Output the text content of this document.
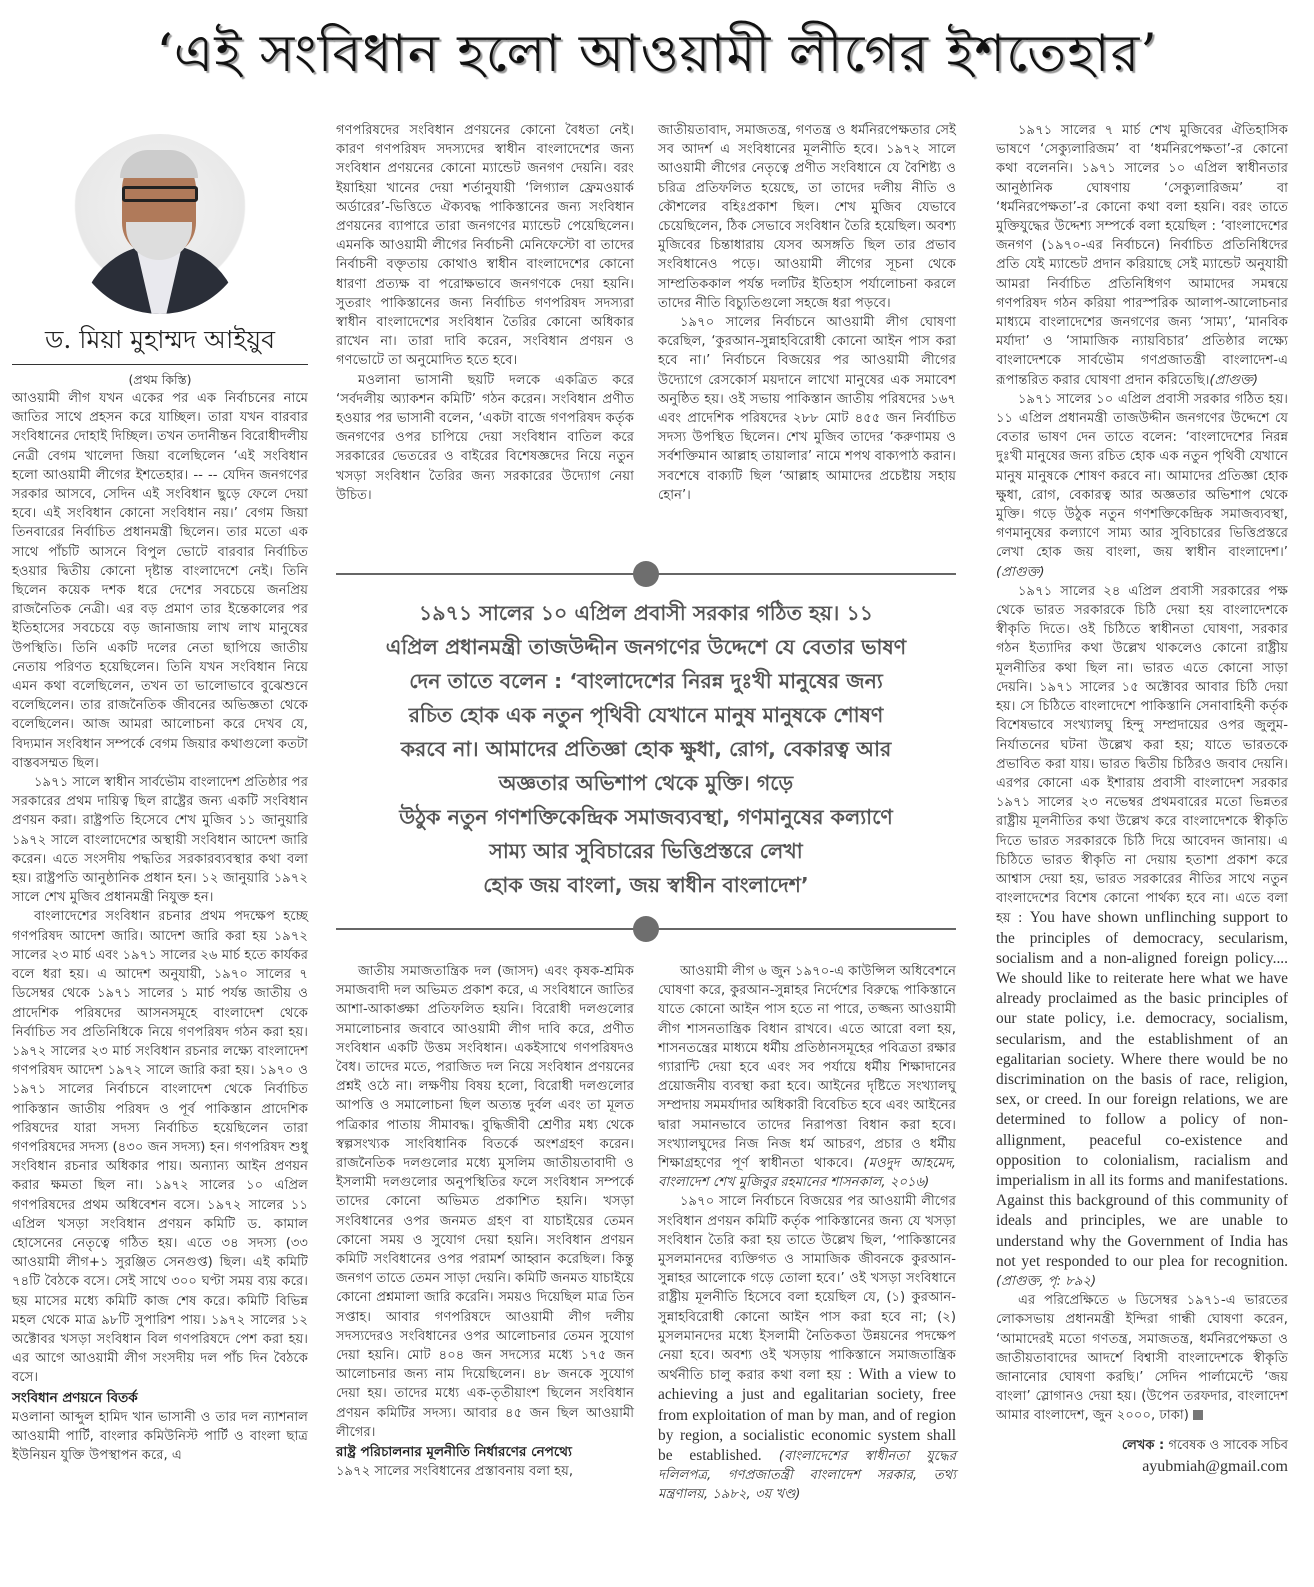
‘এই সংবিধান হলো আওয়ামী লীগের ইশতেহার’
ড. মিয়া মুহাম্মদ আইয়ুব
(প্রথম কিস্তি)

আওয়ামী লীগ যখন একের পর এক নির্বাচনের নামে জাতির সাথে প্রহসন করে যাচ্ছিল। তারা যখন বারবার সংবিধানের দোহাই দিচ্ছিল। তখন তদানীন্তন বিরোধীদলীয় নেত্রী বেগম খালেদা জিয়া বলেছিলেন ‘এই সংবিধান হলো আওয়ামী লীগের ইশতেহার। -- -- যেদিন জনগণের সরকার আসবে, সেদিন এই সংবিধান ছুড়ে ফেলে দেয়া হবে। এই সংবিধান কোনো সংবিধান নয়।’ বেগম জিয়া তিনবারের নির্বাচিত প্রধানমন্ত্রী ছিলেন। তার মতো এক সাথে পাঁচটি আসনে বিপুল ভোটে বারবার নির্বাচিত হওয়ার দ্বিতীয় কোনো দৃষ্টান্ত বাংলাদেশে নেই। তিনি ছিলেন কয়েক দশক ধরে দেশের সবচেয়ে জনপ্রিয় রাজনৈতিক নেত্রী। এর বড় প্রমাণ তার ইন্তেকালের পর ইতিহাসের সবচেয়ে বড় জানাজায় লাখ লাখ মানুষের উপস্থিতি। তিনি একটি দলের নেতা ছাপিয়ে জাতীয় নেতায় পরিণত হয়েছিলেন। তিনি যখন সংবিধান নিয়ে এমন কথা বলেছিলেন, তখন তা ভালোভাবে বুঝেশুনে বলেছিলেন। তার রাজনৈতিক জীবনের অভিজ্ঞতা থেকে বলেছিলেন। আজ আমরা আলোচনা করে দেখব যে, বিদ্যমান সংবিধান সম্পর্কে বেগম জিয়ার কথাগুলো কতটা বাস্তবসম্মত ছিল।

১৯৭১ সালে স্বাধীন সার্বভৌম বাংলাদেশ প্রতিষ্ঠার পর সরকারের প্রথম দায়িত্ব ছিল রাষ্ট্রের জন্য একটি সংবিধান প্রণয়ন করা। রাষ্ট্রপতি হিসেবে শেখ মুজিব ১১ জানুয়ারি ১৯৭২ সালে বাংলাদেশের অস্থায়ী সংবিধান আদেশ জারি করেন। এতে সংসদীয় পদ্ধতির সরকারব্যবস্থার কথা বলা হয়। রাষ্ট্রপতি আনুষ্ঠানিক প্রধান হন। ১২ জানুয়ারি ১৯৭২ সালে শেখ মুজিব প্রধানমন্ত্রী নিযুক্ত হন।

বাংলাদেশের সংবিধান রচনার প্রথম পদক্ষেপ হচ্ছে গণপরিষদ আদেশ জারি। আদেশ জারি করা হয় ১৯৭২ সালের ২৩ মার্চ এবং ১৯৭১ সালের ২৬ মার্চ হতে কার্যকর বলে ধরা হয়। এ আদেশ অনুযায়ী, ১৯৭০ সালের ৭ ডিসেম্বর থেকে ১৯৭১ সালের ১ মার্চ পর্যন্ত জাতীয় ও প্রাদেশিক পরিষদের আসনসমূহে বাংলাদেশ থেকে নির্বাচিত সব প্রতিনিধিকে নিয়ে গণপরিষদ গঠন করা হয়। ১৯৭২ সালের ২৩ মার্চ সংবিধান রচনার লক্ষ্যে বাংলাদেশ গণপরিষদ আদেশ ১৯৭২ সালে জারি করা হয়। ১৯৭০ ও ১৯৭১ সালের নির্বাচনে বাংলাদেশ থেকে নির্বাচিত পাকিস্তান জাতীয় পরিষদ ও পূর্ব পাকিস্তান প্রাদেশিক পরিষদের যারা সদস্য নির্বাচিত হয়েছিলেন তারা গণপরিষদের সদস্য (৪৩০ জন সদস্য) হন। গণপরিষদ শুধু সংবিধান রচনার অধিকার পায়। অন্যান্য আইন প্রণয়ন করার ক্ষমতা ছিল না। ১৯৭২ সালের ১০ এপ্রিল গণপরিষদের প্রথম অধিবেশন বসে। ১৯৭২ সালের ১১ এপ্রিল খসড়া সংবিধান প্রণয়ন কমিটি ড. কামাল হোসেনের নেতৃত্বে গঠিত হয়। এতে ৩৪ সদস্য (৩৩ আওয়ামী লীগ+১ সুরঞ্জিত সেনগুপ্ত) ছিল। এই কমিটি ৭৪টি বৈঠকে বসে। সেই সাথে ৩০০ ঘণ্টা সময় ব্যয় করে। ছয় মাসের মধ্যে কমিটি কাজ শেষ করে। কমিটি বিভিন্ন মহল থেকে মাত্র ৯৮টি সুপারিশ পায়। ১৯৭২ সালের ১২ অক্টোবর খসড়া সংবিধান বিল গণপরিষদে পেশ করা হয়। এর আগে আওয়ামী লীগ সংসদীয় দল পাঁচ দিন বৈঠকে বসে।

সংবিধান প্রণয়নে বিতর্ক

মওলানা আব্দুল হামিদ খান ভাসানী ও তার দল ন্যাশনাল আওয়ামী পার্টি, বাংলার কমিউনিস্ট পার্টি ও বাংলা ছাত্র ইউনিয়ন যুক্তি উপস্থাপন করে, এ

গণপরিষদের সংবিধান প্রণয়নের কোনো বৈধতা নেই। কারণ গণপরিষদ সদস্যদের স্বাধীন বাংলাদেশের জন্য সংবিধান প্রণয়নের কোনো ম্যান্ডেট জনগণ দেয়নি। বরং ইয়াহিয়া খানের দেয়া শর্তানুযায়ী ‘লিগ্যাল ফ্রেমওয়ার্ক অর্ডারের’-ভিত্তিতে ঐক্যবদ্ধ পাকিস্তানের জন্য সংবিধান প্রণয়নের ব্যাপারে তারা জনগণের ম্যান্ডেট পেয়েছিলেন। এমনকি আওয়ামী লীগের নির্বাচনী মেনিফেস্টো বা তাদের নির্বাচনী বক্তৃতায় কোথাও স্বাধীন বাংলাদেশের কোনো ধারণা প্রত্যক্ষ বা পরোক্ষভাবে জনগণকে দেয়া হয়নি। সুতরাং পাকিস্তানের জন্য নির্বাচিত গণপরিষদ সদস্যরা স্বাধীন বাংলাদেশের সংবিধান তৈরির কোনো অধিকার রাখেন না। তারা দাবি করেন, সংবিধান প্রণয়ন ও গণভোটে তা অনুমোদিত হতে হবে।

মওলানা ভাসানী ছয়টি দলকে একত্রিত করে ‘সর্বদলীয় অ্যাকশন কমিটি’ গঠন করেন। সংবিধান প্রণীত হওয়ার পর ভাসানী বলেন, ‘একটা বাজে গণপরিষদ কর্তৃক জনগণের ওপর চাপিয়ে দেয়া সংবিধান বাতিল করে সরকারের ভেতরের ও বাইরের বিশেষজ্ঞদের নিয়ে নতুন খসড়া সংবিধান তৈরির জন্য সরকারের উদ্যোগ নেয়া উচিত।

জাতীয়তাবাদ, সমাজতন্ত্র, গণতন্ত্র ও ধর্মনিরপেক্ষতার সেই সব আদর্শ এ সংবিধানের মূলনীতি হবে। ১৯৭২ সালে আওয়ামী লীগের নেতৃত্বে প্রণীত সংবিধানে যে বৈশিষ্ট্য ও চরিত্র প্রতিফলিত হয়েছে, তা তাদের দলীয় নীতি ও কৌশলের বহিঃপ্রকাশ ছিল। শেখ মুজিব যেভাবে চেয়েছিলেন, ঠিক সেভাবে সংবিধান তৈরি হয়েছিল। অবশ্য মুজিবের চিন্তাধারায় যেসব অসঙ্গতি ছিল তার প্রভাব সংবিধানেও পড়ে। আওয়ামী লীগের সূচনা থেকে সাম্প্রতিককাল পর্যন্ত দলটির ইতিহাস পর্যালোচনা করলে তাদের নীতি বিচ্যুতিগুলো সহজে ধরা পড়বে।

১৯৭০ সালের নির্বাচনে আওয়ামী লীগ ঘোষণা করেছিল, ‘কুরআন-সুন্নাহবিরোধী কোনো আইন পাস করা হবে না।’ নির্বাচনে বিজয়ের পর আওয়ামী লীগের উদ্যোগে রেসকোর্স ময়দানে লাখো মানুষের এক সমাবেশ অনুষ্ঠিত হয়। ওই সভায় পাকিস্তান জাতীয় পরিষদের ১৬৭ এবং প্রাদেশিক পরিষদের ২৮৮ মোট ৪৫৫ জন নির্বাচিত সদস্য উপস্থিত ছিলেন। শেখ মুজিব তাদের ‘করুণাময় ও সর্বশক্তিমান আল্লাহ তায়ালার’ নামে শপথ বাক্যপাঠ করান। সবশেষে বাক্যটি ছিল ‘আল্লাহ আমাদের প্রচেষ্টায় সহায় হোন’।

১৯৭১ সালের ১০ এপ্রিল প্রবাসী সরকার গঠিত হয়। ১১
এপ্রিল প্রধানমন্ত্রী তাজউদ্দীন জনগণের উদ্দেশে যে বেতার ভাষণ
দেন তাতে বলেন : ‘বাংলাদেশের নিরন্ন দুঃখী মানুষের জন্য
রচিত হোক এক নতুন পৃথিবী যেখানে মানুষ মানুষকে শোষণ
করবে না। আমাদের প্রতিজ্ঞা হোক ক্ষুধা, রোগ, বেকারত্ব আর
অজ্ঞতার অভিশাপ থেকে মুক্তি। গড়ে
উঠুক নতুন গণশক্তিকেন্দ্রিক সমাজব্যবস্থা, গণমানুষের কল্যাণে
সাম্য আর সুবিচারের ভিত্তিপ্রস্তরে লেখা
হোক জয় বাংলা, জয় স্বাধীন বাংলাদেশ’

জাতীয় সমাজতান্ত্রিক দল (জাসদ) এবং কৃষক-শ্রমিক সমাজবাদী দল অভিমত প্রকাশ করে, এ সংবিধানে জাতির আশা-আকাঙ্ক্ষা প্রতিফলিত হয়নি। বিরোধী দলগুলোর সমালোচনার জবাবে আওয়ামী লীগ দাবি করে, প্রণীত সংবিধান একটি উত্তম সংবিধান। একইসাথে গণপরিষদও বৈধ। তাদের মতে, পরাজিত দল নিয়ে সংবিধান প্রণয়নের প্রশ্নই ওঠে না। লক্ষণীয় বিষয় হলো, বিরোধী দলগুলোর আপত্তি ও সমালোচনা ছিল অত্যন্ত দুর্বল এবং তা মূলত পত্রিকার পাতায় সীমাবদ্ধ। বুদ্ধিজীবী শ্রেণীর মধ্য থেকে স্বল্পসংখ্যক সাংবিধানিক বিতর্কে অংশগ্রহণ করেন। রাজনৈতিক দলগুলোর মধ্যে মুসলিম জাতীয়তাবাদী ও ইসলামী দলগুলোর অনুপস্থিতির ফলে সংবিধান সম্পর্কে তাদের কোনো অভিমত প্রকাশিত হয়নি। খসড়া সংবিধানের ওপর জনমত গ্রহণ বা যাচাইয়ের তেমন কোনো সময় ও সুযোগ দেয়া হয়নি। সংবিধান প্রণয়ন কমিটি সংবিধানের ওপর পরামর্শ আহ্বান করেছিল। কিন্তু জনগণ তাতে তেমন সাড়া দেয়নি। কমিটি জনমত যাচাইয়ে কোনো প্রশ্নমালা জারি করেনি। সময়ও দিয়েছিল মাত্র তিন সপ্তাহ। আবার গণপরিষদে আওয়ামী লীগ দলীয় সদস্যদেরও সংবিধানের ওপর আলোচনার তেমন সুযোগ দেয়া হয়নি। মোট ৪০৪ জন সদস্যের মধ্যে ১৭৫ জন আলোচনার জন্য নাম দিয়েছিলেন। ৪৮ জনকে সুযোগ দেয়া হয়। তাদের মধ্যে এক-তৃতীয়াংশ ছিলেন সংবিধান প্রণয়ন কমিটির সদস্য। আবার ৪৫ জন ছিল আওয়ামী লীগের।

রাষ্ট্র পরিচালনার মূলনীতি নির্ধারণের নেপথ্যে

১৯৭২ সালের সংবিধানের প্রস্তাবনায় বলা হয়,

আওয়ামী লীগ ৬ জুন ১৯৭০-এ কাউন্সিল অধিবেশনে ঘোষণা করে, কুরআন-সুন্নাহর নির্দেশের বিরুদ্ধে পাকিস্তানে যাতে কোনো আইন পাস হতে না পারে, তজ্জন্য আওয়ামী লীগ শাসনতান্ত্রিক বিধান রাখবে। এতে আরো বলা হয়, শাসনতন্ত্রের মাধ্যমে ধর্মীয় প্রতিষ্ঠানসমূহের পবিত্রতা রক্ষার গ্যারান্টি দেয়া হবে এবং সব পর্যায়ে ধর্মীয় শিক্ষাদানের প্রয়োজনীয় ব্যবস্থা করা হবে। আইনের দৃষ্টিতে সংখ্যালঘু সম্প্রদায় সমমর্যাদার অধিকারী বিবেচিত হবে এবং আইনের দ্বারা সমানভাবে তাদের নিরাপত্তা বিধান করা হবে। সংখ্যালঘুদের নিজ নিজ ধর্ম আচরণ, প্রচার ও ধর্মীয় শিক্ষাগ্রহণের পূর্ণ স্বাধীনতা থাকবে। (মওদুদ আহমেদ, বাংলাদেশ শেখ মুজিবুর রহমানের শাসনকাল, ২০১৬)

১৯৭০ সালে নির্বাচনে বিজয়ের পর আওয়ামী লীগের সংবিধান প্রণয়ন কমিটি কর্তৃক পাকিস্তানের জন্য যে খসড়া সংবিধান তৈরি করা হয় তাতে উল্লেখ ছিল, ‘পাকিস্তানের মুসলমানদের ব্যক্তিগত ও সামাজিক জীবনকে কুরআন-সুন্নাহর আলোকে গড়ে তোলা হবে।’ ওই খসড়া সংবিধানে রাষ্ট্রীয় মূলনীতি হিসেবে বলা হয়েছিল যে, (১) কুরআন-সুন্নাহবিরোধী কোনো আইন পাস করা হবে না; (২) মুসলমানদের মধ্যে ইসলামী নৈতিকতা উন্নয়নের পদক্ষেপ নেয়া হবে। অবশ্য ওই খসড়ায় পাকিস্তানে সমাজতান্ত্রিক অর্থনীতি চালু করার কথা বলা হয় : With a view to achieving a just and egalitarian society, free from exploitation of man by man, and of region by region, a socialistic economic system shall be established. (বাংলাদেশের স্বাধীনতা যুদ্ধের দলিলপত্র, গণপ্রজাতন্ত্রী বাংলাদেশ সরকার, তথ্য মন্ত্রণালয়, ১৯৮২, ৩য় খণ্ড)

১৯৭১ সালের ৭ মার্চ শেখ মুজিবের ঐতিহাসিক ভাষণে ‘সেক্যুলারিজম’ বা ‘ধর্মনিরপেক্ষতা’-র কোনো কথা বলেননি। ১৯৭১ সালের ১০ এপ্রিল স্বাধীনতার আনুষ্ঠানিক ঘোষণায় ‘সেক্যুলারিজম’ বা ‘ধর্মনিরপেক্ষতা’-র কোনো কথা বলা হয়নি। বরং তাতে মুক্তিযুদ্ধের উদ্দেশ্য সম্পর্কে বলা হয়েছিল : ‘বাংলাদেশের জনগণ (১৯৭০-এর নির্বাচনে) নির্বাচিত প্রতিনিধিদের প্রতি যেই ম্যান্ডেট প্রদান করিয়াছে সেই ম্যান্ডেট অনুযায়ী আমরা নির্বাচিত প্রতিনিধিগণ আমাদের সমন্বয়ে গণপরিষদ গঠন করিয়া পারস্পরিক আলাপ-আলোচনার মাধ্যমে বাংলাদেশের জনগণের জন্য ‘সাম্য’, ‘মানবিক মর্যাদা’ ও ‘সামাজিক ন্যায়বিচার’ প্রতিষ্ঠার লক্ষ্যে বাংলাদেশকে সার্বভৌম গণপ্রজাতন্ত্রী বাংলাদেশ-এ রূপান্তরিত করার ঘোষণা প্রদান করিতেছি।(প্রাগুক্ত)

১৯৭১ সালের ১০ এপ্রিল প্রবাসী সরকার গঠিত হয়। ১১ এপ্রিল প্রধানমন্ত্রী তাজউদ্দীন জনগণের উদ্দেশে যে বেতার ভাষণ দেন তাতে বলেন: ‘বাংলাদেশের নিরন্ন দুঃখী মানুষের জন্য রচিত হোক এক নতুন পৃথিবী যেখানে মানুষ মানুষকে শোষণ করবে না। আমাদের প্রতিজ্ঞা হোক ক্ষুধা, রোগ, বেকারত্ব আর অজ্ঞতার অভিশাপ থেকে মুক্তি। গড়ে উঠুক নতুন গণশক্তিকেন্দ্রিক সমাজব্যবস্থা, গণমানুষের কল্যাণে সাম্য আর সুবিচারের ভিত্তিপ্রস্তরে লেখা হোক জয় বাংলা, জয় স্বাধীন বাংলাদেশ।’ (প্রাগুক্ত)

১৯৭১ সালের ২৪ এপ্রিল প্রবাসী সরকারের পক্ষ থেকে ভারত সরকারকে চিঠি দেয়া হয় বাংলাদেশকে স্বীকৃতি দিতে। ওই চিঠিতে স্বাধীনতা ঘোষণা, সরকার গঠন ইত্যাদির কথা উল্লেখ থাকলেও কোনো রাষ্ট্রীয় মূলনীতির কথা ছিল না। ভারত এতে কোনো সাড়া দেয়নি। ১৯৭১ সালের ১৫ অক্টোবর আবার চিঠি দেয়া হয়। সে চিঠিতে বাংলাদেশে পাকিস্তানি সেনাবাহিনী কর্তৃক বিশেষভাবে সংখ্যালঘু হিন্দু সম্প্রদায়ের ওপর জুলুম-নির্যাতনের ঘটনা উল্লেখ করা হয়; যাতে ভারতকে প্রভাবিত করা যায়। ভারত দ্বিতীয় চিঠিরও জবাব দেয়নি। এরপর কোনো এক ইশারায় প্রবাসী বাংলাদেশ সরকার ১৯৭১ সালের ২৩ নভেম্বর প্রথমবারের মতো ভিন্নতর রাষ্ট্রীয় মূলনীতির কথা উল্লেখ করে বাংলাদেশকে স্বীকৃতি দিতে ভারত সরকারকে চিঠি দিয়ে আবেদন জানায়। এ চিঠিতে ভারত স্বীকৃতি না দেয়ায় হতাশা প্রকাশ করে আশ্বাস দেয়া হয়, ভারত সরকারের নীতির সাথে নতুন বাংলাদেশের বিশেষ কোনো পার্থক্য হবে না। এতে বলা হয় : You have shown unflinching support to the principles of democracy, secularism, socialism and a non-aligned foreign policy.... We should like to reiterate here what we have already proclaimed as the basic principles of our state policy, i.e. democracy, socialism, secularism, and the establishment of an egalitarian society. Where there would be no discrimination on the basis of race, religion, sex, or creed. In our foreign relations, we are determined to follow a policy of non-allignment, peaceful co-existence and opposition to colonialism, racialism and imperialism in all its forms and manifestations. Against this background of this community of ideals and principles, we are unable to understand why the Government of India has not yet responded to our plea for recognition. (প্রাগুক্ত, পৃ: ৮৯২)

এর পরিপ্রেক্ষিতে ৬ ডিসেম্বর ১৯৭১-এ ভারতের লোকসভায় প্রধানমন্ত্রী ইন্দিরা গান্ধী ঘোষণা করেন, ‘আমাদেরই মতো গণতন্ত্র, সমাজতন্ত্র, ধর্মনিরপেক্ষতা ও জাতীয়তাবাদের আদর্শে বিশ্বাসী বাংলাদেশকে স্বীকৃতি জানানোর ঘোষণা করছি।’ সেদিন পার্লামেন্টে ‘জয় বাংলা’ স্লোগানও দেয়া হয়। (উপেন তরফদার, বাংলাদেশ আমার বাংলাদেশ, জুন ২০০০, ঢাকা)

লেখক : গবেষক ও সাবেক সচিব
ayubmiah@gmail.com
